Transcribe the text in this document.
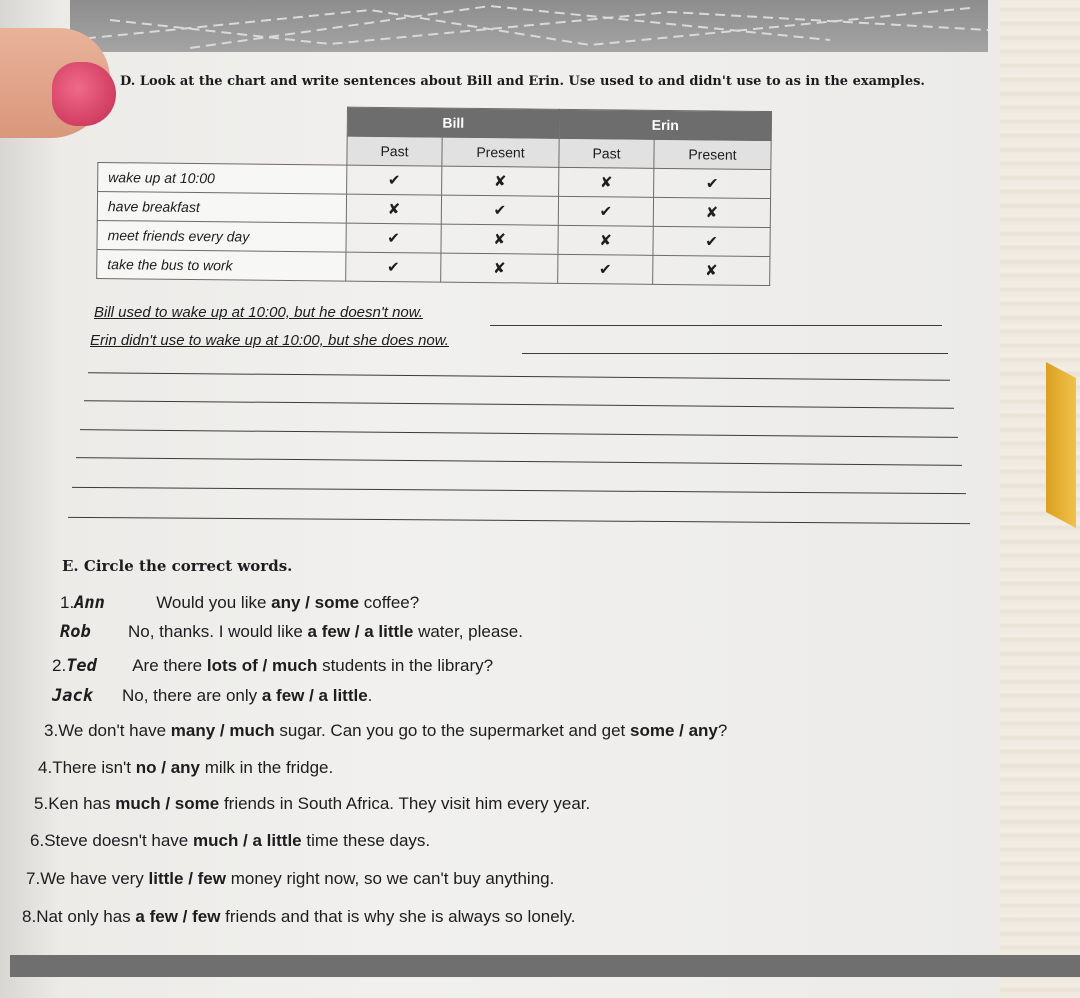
D. Look at the chart and write sentences about Bill and Erin. Use used to and didn't use to as in the examples.
	Bill		Erin	
	Past	Present	Past	Present
wake up at 10:00	✔	✘	✘	✔
have breakfast	✘	✔	✔	✘
meet friends every day	✔	✘	✘	✔
take the bus to work	✔	✘	✔	✘
Bill used to wake up at 10:00, but he doesn't now.
Erin didn't use to wake up at 10:00, but she does now.
E. Circle the correct words.
1.Ann	Would you like any / some coffee?
Rob No, thanks. I would like a few / a little water, please.
2.Ted Are there lots of / much students in the library?
Jack No, there are only a few / a little.
3.We don't have many / much sugar. Can you go to the supermarket and get some / any?
4.There isn't no / any milk in the fridge.
5.Ken has much / some friends in South Africa. They visit him every year.
6.Steve doesn't have much / a little time these days.
7.We have very little / few money right now, so we can't buy anything.
8.Nat only has a few / few friends and that is why she is always so lonely.
